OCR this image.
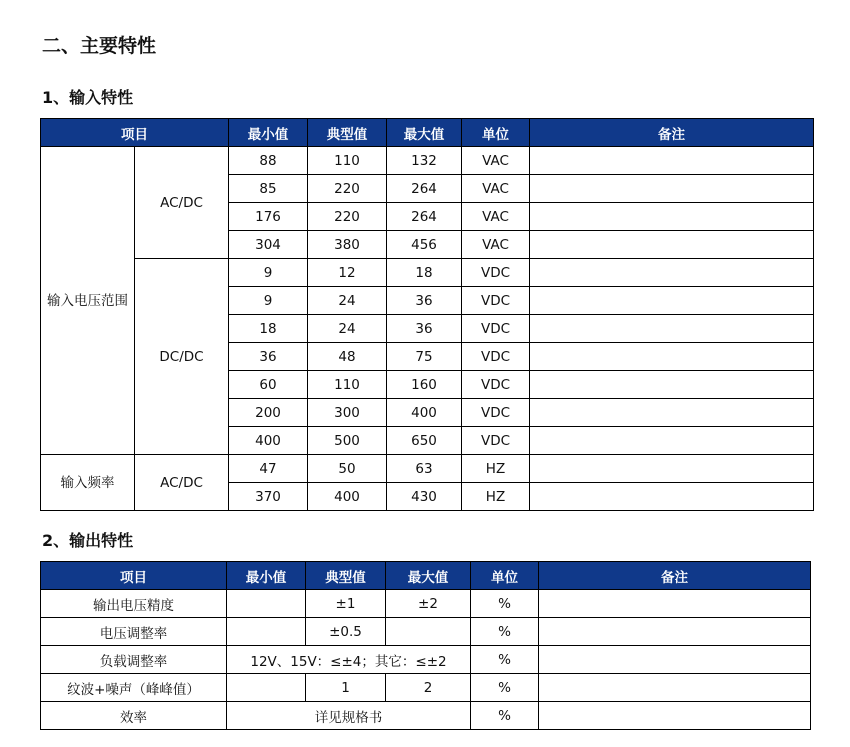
二、主要特性
1、输入特性
项目		最小值	典型值	最大值	单位	备注
输入电压范围	AC/DC	88	110	132	VAC	
		85	220	264	VAC	
		176	220	264	VAC	
		304	380	456	VAC	
	DC/DC	9	12	18	VDC	
		9	24	36	VDC	
		18	24	36	VDC	
		36	48	75	VDC	
		60	110	160	VDC	
		200	300	400	VDC	
		400	500	650	VDC	
输入频率	AC/DC	47	50	63	HZ	
		370	400	430	HZ	
2、输出特性
项目	最小值	典型值	最大值	单位	备注
输出电压精度		±1	±2	%	
电压调整率		±0.5		%	
负载调整率	12V、15V：≤±4；其它：≤±2			%	
纹波+噪声（峰峰值）		1	2	%	
效率	详见规格书			%	
